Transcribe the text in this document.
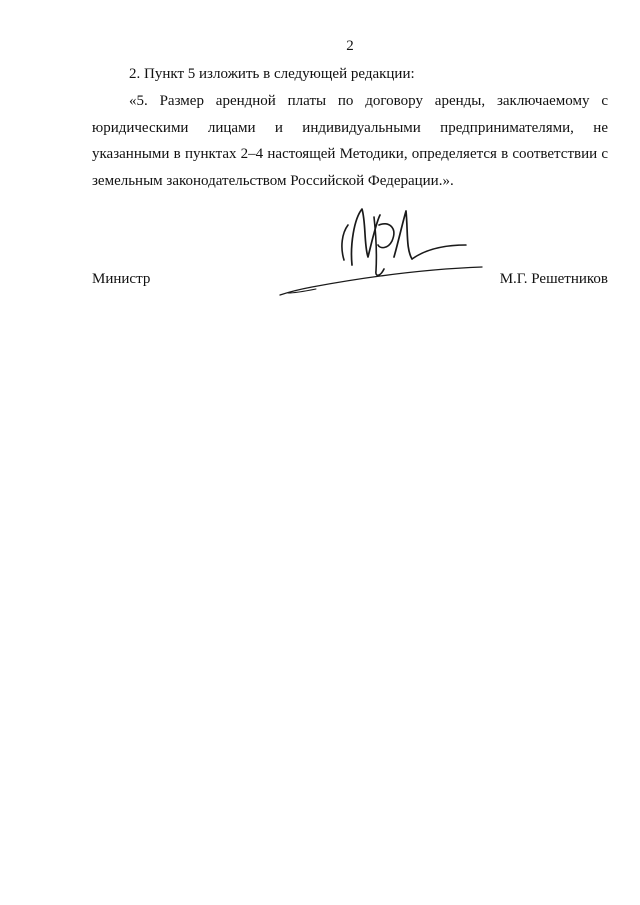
2
2. Пункт 5 изложить в следующей редакции:
«5. Размер арендной платы по договору аренды, заключаемому с юридическими лицами и индивидуальными предпринимателями, не указанными в пунктах 2–4 настоящей Методики, определяется в соответствии с земельным законодательством Российской Федерации.».
Министр	М.Г. Решетников
